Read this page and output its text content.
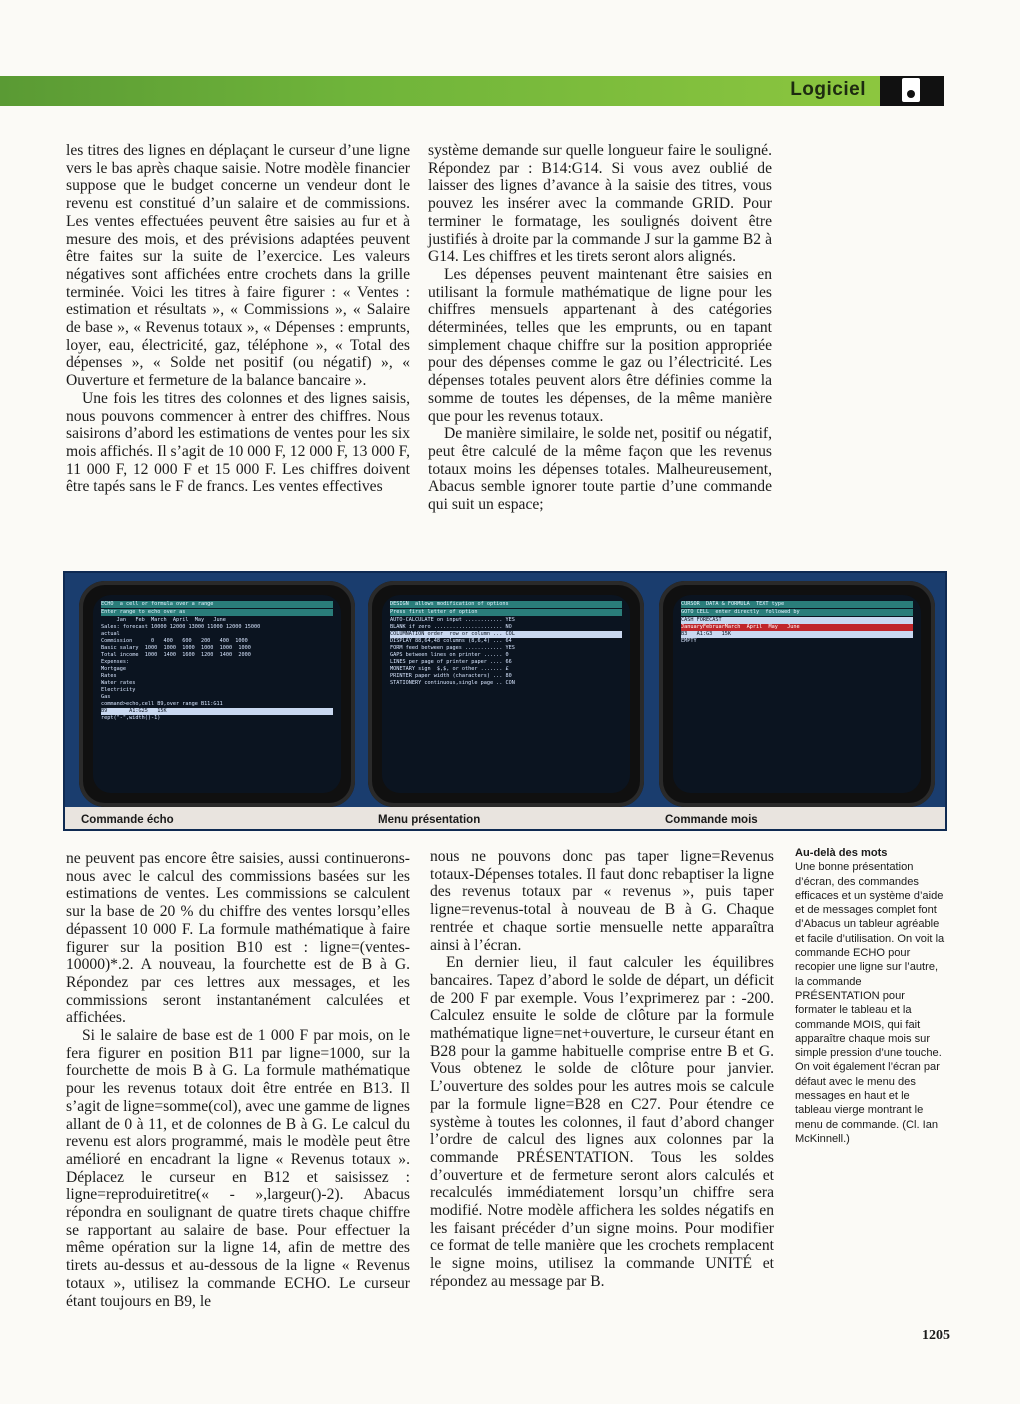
Logiciel

les titres des lignes en déplaçant le curseur d’une ligne vers le bas après chaque saisie. Notre modèle financier suppose que le budget concerne un vendeur dont le revenu est constitué d’un salaire et de commissions. Les ventes effectuées peuvent être saisies au fur et à mesure des mois, et des prévisions adaptées peuvent être faites sur la suite de l’exercice. Les valeurs négatives sont affichées entre crochets dans la grille terminée. Voici les titres à faire figurer : « Ventes : estimation et résultats », « Commissions », « Salaire de base », « Revenus totaux », « Dépenses : emprunts, loyer, eau, électricité, gaz, téléphone », « Total des dépenses », « Solde net positif (ou négatif) », « Ouverture et fermeture de la balance bancaire ».

Une fois les titres des colonnes et des lignes saisis, nous pouvons commencer à entrer des chiffres. Nous saisirons d’abord les estimations de ventes pour les six mois affichés. Il s’agit de 10 000 F, 12 000 F, 13 000 F, 11 000 F, 12 000 F et 15 000 F. Les chiffres doivent être tapés sans le F de francs. Les ventes effectives

système demande sur quelle longueur faire le souligné. Répondez par : B14:G14. Si vous avez oublié de laisser des lignes d’avance à la saisie des titres, vous pouvez les insérer avec la commande GRID. Pour terminer le formatage, les soulignés doivent être justifiés à droite par la commande J sur la gamme B2 à G14. Les chiffres et les tirets seront alors alignés.

Les dépenses peuvent maintenant être saisies en utilisant la formule mathématique de ligne pour les chiffres mensuels appartenant à des catégories déterminées, telles que les emprunts, ou en tapant simplement chaque chiffre sur la position appropriée pour des dépenses comme le gaz ou l’électricité. Les dépenses totales peuvent alors être définies comme la somme de toutes les dépenses, de la même manière que pour les revenus totaux.

De manière similaire, le solde net, positif ou négatif, peut être calculé de la même façon que les revenus totaux moins les dépenses totales. Malheureusement, Abacus semble ignorer toute partie d’une commande qui suit un espace;

ECHO  a cell or formula over a range
Enter range to echo over as
Jan   Feb  March  April  May   June
Sales: forecast 10000 12000 13000 11000 12000 15000
actual
Commission      0   400   600   200   400  1000
Basic salary  1000  1000  1000  1000  1000  1000
Total income  1000  1400  1600  1200  1400  2000
Expenses:
Mortgage
Rates
Water rates
Electricity
Gas
command>echo,cell B9,over range B11:G11
B9       A1:G25   15K
rept("-",width()-1)
DESIGN  allows modification of options
Press first letter of option
AUTO-CALCULATE on input ............ YES
BLANK if zero ...................... NO
COLUMNATION order  row or column ... COL
DISPLAY 88,64,48 columns (8,6,4) ... 64
FORM feed between pages ............ YES
GAPS between lines on printer ...... 0
LINES per page of printer paper .... 66
MONETARY sign  $,$, or other ....... £
PRINTER paper width (characters) ... 80
STATIONERY continuous,single page .. CON
CURSOR  DATA & FORMULA  TEXT type
GOTO CELL  enter directly  followed by
CASH FORECAST
JanuaryFebruarMarch  April  May   June
B3   A1:G3   15K
EMPTY
Commande écho	Menu présentation	Commande mois

ne peuvent pas encore être saisies, aussi continuerons-nous avec le calcul des commissions basées sur les estimations de ventes. Les commissions se calculent sur la base de 20 % du chiffre des ventes lorsqu’elles dépassent 10 000 F. La formule mathématique à faire figurer sur la position B10 est : ligne=(ventes-10000)*.2. A nouveau, la fourchette est de B à G. Répondez par ces lettres aux messages, et les commissions seront instantanément calculées et affichées.

Si le salaire de base est de 1 000 F par mois, on le fera figurer en position B11 par ligne=1000, sur la fourchette de mois B à G. La formule mathématique pour les revenus totaux doit être entrée en B13. Il s’agit de ligne=somme(col), avec une gamme de lignes allant de 0 à 11, et de colonnes de B à G. Le calcul du revenu est alors programmé, mais le modèle peut être amélioré en encadrant la ligne « Revenus totaux ». Déplacez le curseur en B12 et saisissez : ligne=reproduiretitre(« - »,largeur()-2). Abacus répondra en soulignant de quatre tirets chaque chiffre se rapportant au salaire de base. Pour effectuer la même opération sur la ligne 14, afin de mettre des tirets au-dessus et au-dessous de la ligne « Revenus totaux », utilisez la commande ECHO. Le curseur étant toujours en B9, le

nous ne pouvons donc pas taper ligne=Revenus totaux-Dépenses totales. Il faut donc rebaptiser la ligne des revenus totaux par « revenus », puis taper ligne=revenus-total à nouveau de B à G. Chaque rentrée et chaque sortie mensuelle nette apparaîtra ainsi à l’écran.

En dernier lieu, il faut calculer les équilibres bancaires. Tapez d’abord le solde de départ, un déficit de 200 F par exemple. Vous l’exprimerez par : -200. Calculez ensuite le solde de clôture par la formule mathématique ligne=net+ouverture, le curseur étant en B28 pour la gamme habituelle comprise entre B et G. Vous obtenez le solde de clôture pour janvier. L’ouverture des soldes pour les autres mois se calcule par la formule ligne=B28 en C27. Pour étendre ce système à toutes les colonnes, il faut d’abord changer l’ordre de calcul des lignes aux colonnes par la commande PRÉSENTATION. Tous les soldes d’ouverture et de fermeture seront alors calculés et recalculés immédiatement lorsqu’un chiffre sera modifié. Notre modèle affichera les soldes négatifs en les faisant précéder d’un signe moins. Pour modifier ce format de telle manière que les crochets remplacent le signe moins, utilisez la commande UNITÉ et répondez au message par B.

Au-delà des mots
Une bonne présentation d’écran, des commandes efficaces et un système d’aide et de messages complet font d’Abacus un tableur agréable et facile d’utilisation. On voit la commande ECHO pour recopier une ligne sur l’autre, la commande PRÉSENTATION pour formater le tableau et la commande MOIS, qui fait apparaître chaque mois sur simple pression d’une touche. On voit également l’écran par défaut avec le menu des messages en haut et le tableau vierge montrant le menu de commande. (Cl. Ian McKinnell.)
1205
